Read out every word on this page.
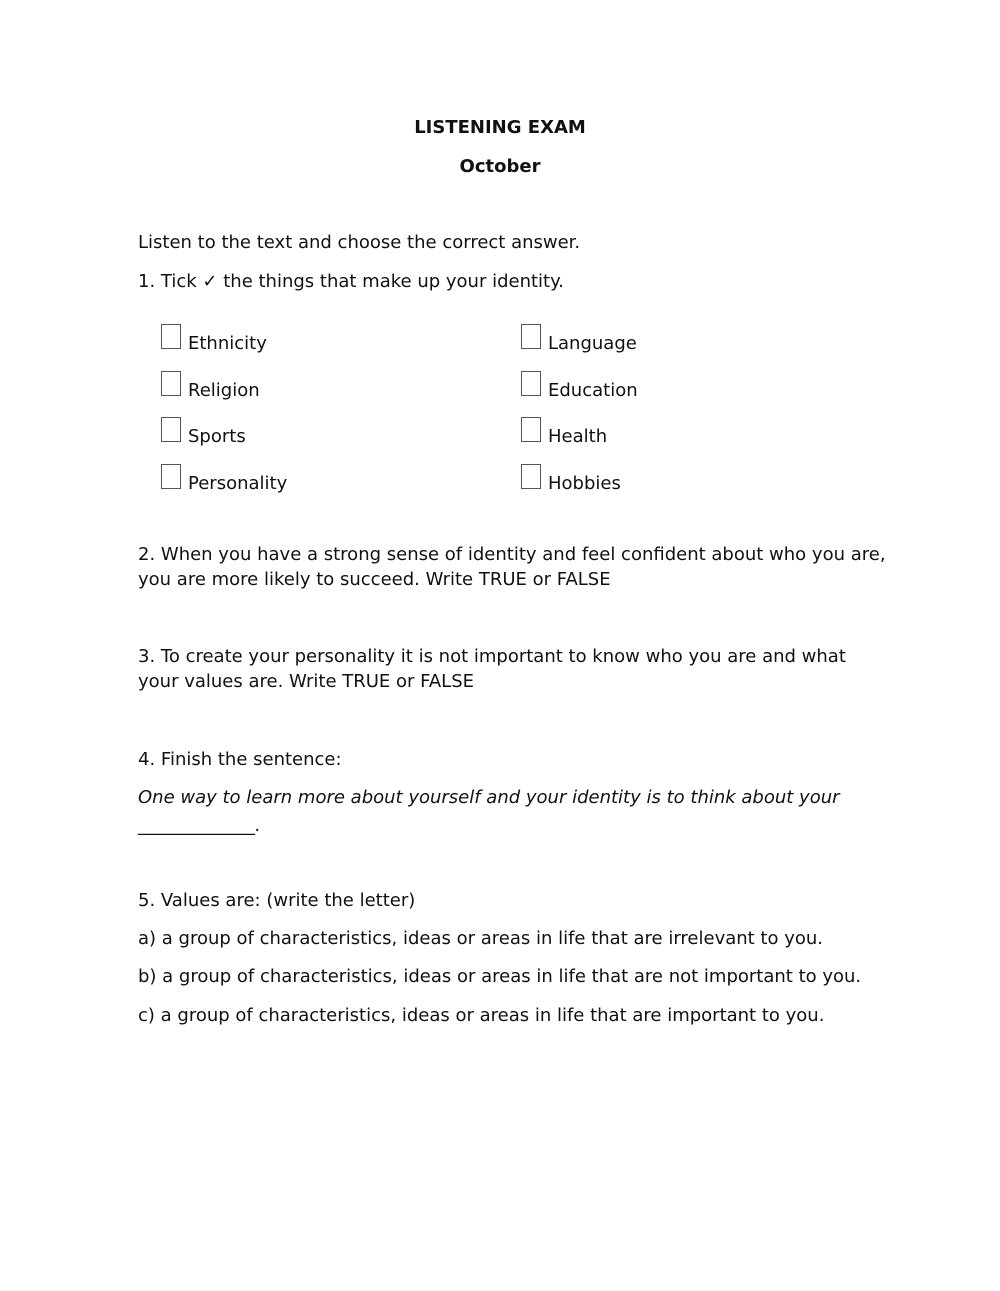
LISTENING EXAM
October
Listen to the text and choose the correct answer.
1. Tick ✓ the things that make up your identity.
Ethnicity
Religion
Sports
Personality
Language
Education
Health
Hobbies
2. When you have a strong sense of identity and feel confident about who you are,
you are more likely to succeed. Write TRUE or FALSE
3. To create your personality it is not important to know who you are and what
your values are. Write TRUE or FALSE
4. Finish the sentence:
One way to learn more about yourself and your identity is to think about your
_____________.
5. Values are: (write the letter)
a) a group of characteristics, ideas or areas in life that are irrelevant to you.
b) a group of characteristics, ideas or areas in life that are not important to you.
c) a group of characteristics, ideas or areas in life that are important to you.
